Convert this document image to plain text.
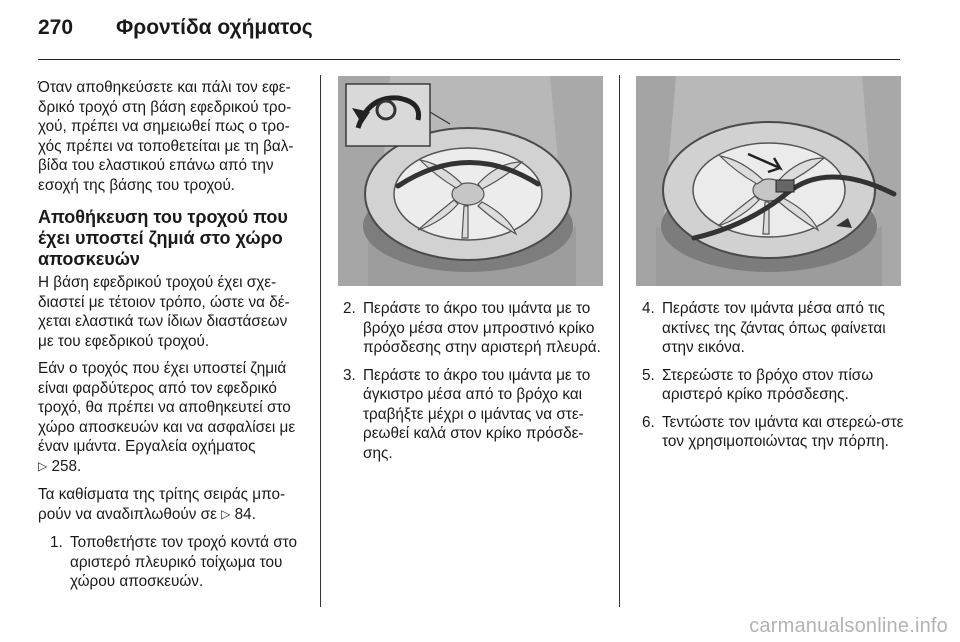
270	Φροντίδα οχήματος

Όταν αποθηκεύσετε και πάλι τον εφε-δρικό τροχό στη βάση εφεδρικού τρο-χού, πρέπει να σημειωθεί πως ο τρο-χός πρέπει να τοποθετείται με τη βαλ-βίδα του ελαστικού επάνω από την εσοχή της βάσης του τροχού.

Αποθήκευση του τροχού που έχει υποστεί ζημιά στο χώρο αποσκευών

Η βάση εφεδρικού τροχού έχει σχε-διαστεί με τέτοιον τρόπο, ώστε να δέ-χεται ελαστικά των ίδιων διαστάσεων με του εφεδρικού τροχού.

Εάν ο τροχός που έχει υποστεί ζημιά είναι φαρδύτερος από τον εφεδρικό τροχό, θα πρέπει να αποθηκευτεί στο χώρο αποσκευών και να ασφαλίσει με έναν ιμάντα. Εργαλεία οχήματος
▷ 258.

Τα καθίσματα της τρίτης σειράς μπο-ρούν να αναδιπλωθούν σε ▷ 84.

1. Τοποθετήστε τον τροχό κοντά στο αριστερό πλευρικό τοίχωμα του χώρου αποσκευών.
2. Περάστε το άκρο του ιμάντα με το βρόχο μέσα στον μπροστινό κρίκο πρόσδεσης στην αριστερή πλευρά.
3. Περάστε το άκρο του ιμάντα με το άγκιστρο μέσα από το βρόχο και τραβήξτε μέχρι ο ιμάντας να στε-ρεωθεί καλά στον κρίκο πρόσδε-σης.
4. Περάστε τον ιμάντα μέσα από τις ακτίνες της ζάντας όπως φαίνεται στην εικόνα.
5. Στερεώστε το βρόχο στον πίσω αριστερό κρίκο πρόσδεσης.
6. Τεντώστε τον ιμάντα και στερεώ-στε τον χρησιμοποιώντας την πόρπη.
carmanualsonline.info
